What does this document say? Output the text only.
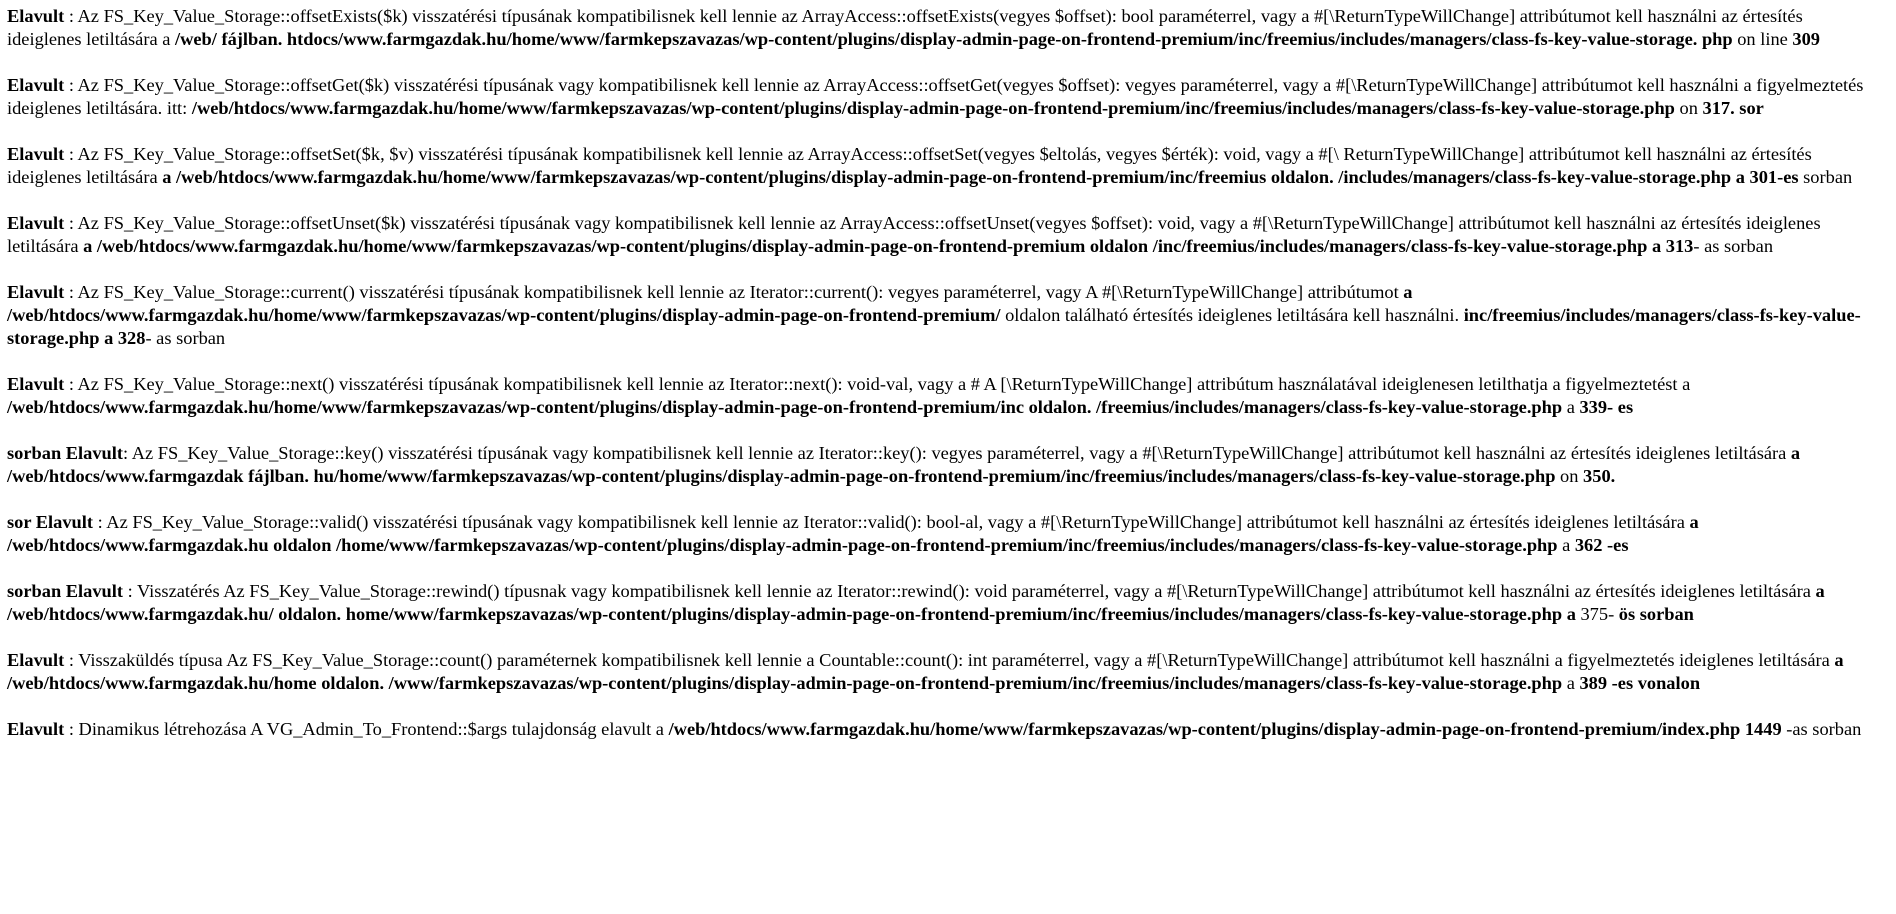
Elavult : Az FS_Key_Value_Storage::offsetExists($k) visszatérési típusának kompatibilisnek kell lennie az ArrayAccess::offsetExists(vegyes $offset): bool paraméterrel, vagy a #[\ReturnTypeWillChange] attribútumot kell használni az értesítés ideiglenes letiltására a /web/ fájlban. htdocs/www.farmgazdak.hu/home/www/farmkepszavazas/wp-content/plugins/display-admin-page-on-frontend-premium/inc/freemius/includes/managers/class-fs-key-value-storage. php on line 309

Elavult : Az FS_Key_Value_Storage::offsetGet($k) visszatérési típusának vagy kompatibilisnek kell lennie az ArrayAccess::offsetGet(vegyes $offset): vegyes paraméterrel, vagy a #[\ReturnTypeWillChange] attribútumot kell használni a figyelmeztetés ideiglenes letiltására. itt: /web/htdocs/www.farmgazdak.hu/home/www/farmkepszavazas/wp-content/plugins/display-admin-page-on-frontend-premium/inc/freemius/includes/managers/class-fs-key-value-storage.php on 317. sor

Elavult : Az FS_Key_Value_Storage::offsetSet($k, $v) visszatérési típusának kompatibilisnek kell lennie az ArrayAccess::offsetSet(vegyes $eltolás, vegyes $érték): void, vagy a #[\ ReturnTypeWillChange] attribútumot kell használni az értesítés ideiglenes letiltására a /web/htdocs/www.farmgazdak.hu/home/www/farmkepszavazas/wp-content/plugins/display-admin-page-on-frontend-premium/inc/freemius oldalon. /includes/managers/class-fs-key-value-storage.php a 301-es sorban

Elavult : Az FS_Key_Value_Storage::offsetUnset($k) visszatérési típusának vagy kompatibilisnek kell lennie az ArrayAccess::offsetUnset(vegyes $offset): void, vagy a #[\ReturnTypeWillChange] attribútumot kell használni az értesítés ideiglenes letiltására a /web/htdocs/www.farmgazdak.hu/home/www/farmkepszavazas/wp-content/plugins/display-admin-page-on-frontend-premium oldalon /inc/freemius/includes/managers/class-fs-key-value-storage.php a 313- as sorban

Elavult : Az FS_Key_Value_Storage::current() visszatérési típusának kompatibilisnek kell lennie az Iterator::current(): vegyes paraméterrel, vagy A #[\ReturnTypeWillChange] attribútumot a /web/htdocs/www.farmgazdak.hu/home/www/farmkepszavazas/wp-content/plugins/display-admin-page-on-frontend-premium/ oldalon található értesítés ideiglenes letiltására kell használni. inc/freemius/includes/managers/class-fs-key-value-storage.php a 328- as sorban

Elavult : Az FS_Key_Value_Storage::next() visszatérési típusának kompatibilisnek kell lennie az Iterator::next(): void-val, vagy a # A [\ReturnTypeWillChange] attribútum használatával ideiglenesen letilthatja a figyelmeztetést a /web/htdocs/www.farmgazdak.hu/home/www/farmkepszavazas/wp-content/plugins/display-admin-page-on-frontend-premium/inc oldalon. /freemius/includes/managers/class-fs-key-value-storage.php a 339- es

sorban Elavult: Az FS_Key_Value_Storage::key() visszatérési típusának vagy kompatibilisnek kell lennie az Iterator::key(): vegyes paraméterrel, vagy a #[\ReturnTypeWillChange] attribútumot kell használni az értesítés ideiglenes letiltására a /web/htdocs/www.farmgazdak fájlban. hu/home/www/farmkepszavazas/wp-content/plugins/display-admin-page-on-frontend-premium/inc/freemius/includes/managers/class-fs-key-value-storage.php on 350.

sor Elavult : Az FS_Key_Value_Storage::valid() visszatérési típusának vagy kompatibilisnek kell lennie az Iterator::valid(): bool-al, vagy a #[\ReturnTypeWillChange] attribútumot kell használni az értesítés ideiglenes letiltására a /web/htdocs/www.farmgazdak.hu oldalon /home/www/farmkepszavazas/wp-content/plugins/display-admin-page-on-frontend-premium/inc/freemius/includes/managers/class-fs-key-value-storage.php a 362 -es

sorban Elavult : Visszatérés Az FS_Key_Value_Storage::rewind() típusnak vagy kompatibilisnek kell lennie az Iterator::rewind(): void paraméterrel, vagy a #[\ReturnTypeWillChange] attribútumot kell használni az értesítés ideiglenes letiltására a /web/htdocs/www.farmgazdak.hu/ oldalon. home/www/farmkepszavazas/wp-content/plugins/display-admin-page-on-frontend-premium/inc/freemius/includes/managers/class-fs-key-value-storage.php a 375- ös sorban

Elavult : Visszaküldés típusa Az FS_Key_Value_Storage::count() paraméternek kompatibilisnek kell lennie a Countable::count(): int paraméterrel, vagy a #[\ReturnTypeWillChange] attribútumot kell használni a figyelmeztetés ideiglenes letiltására a /web/htdocs/www.farmgazdak.hu/home oldalon. /www/farmkepszavazas/wp-content/plugins/display-admin-page-on-frontend-premium/inc/freemius/includes/managers/class-fs-key-value-storage.php a 389 -es vonalon

Elavult : Dinamikus létrehozása A VG_Admin_To_Frontend::$args tulajdonság elavult a /web/htdocs/www.farmgazdak.hu/home/www/farmkepszavazas/wp-content/plugins/display-admin-page-on-frontend-premium/index.php 1449 -as sorban
